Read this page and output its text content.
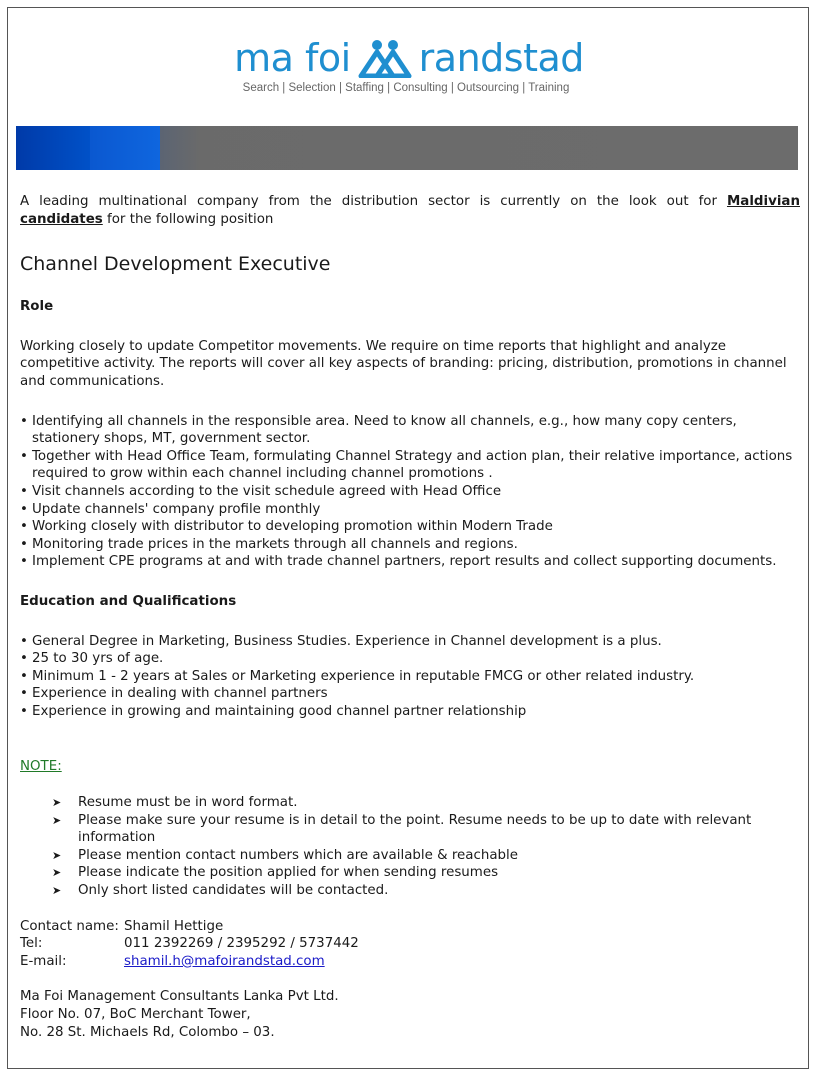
ma foi randstad
Search | Selection | Staffing | Consulting | Outsourcing | Training

A leading multinational company from the distribution sector is currently on the look out for Maldivian candidates for the following position

Channel Development Executive

Role

Working closely to update Competitor movements. We require on time reports that highlight and analyze competitive activity. The reports will cover all key aspects of branding: pricing, distribution, promotions in channel and communications.

• Identifying all channels in the responsible area. Need to know all channels, e.g., how many copy centers, stationery shops, MT, government sector.
• Together with Head Office Team, formulating Channel Strategy and action plan, their relative importance, actions required to grow within each channel including channel promotions .
• Visit channels according to the visit schedule agreed with Head Office
• Update channels' company profile monthly
• Working closely with distributor to developing promotion within Modern Trade
• Monitoring trade prices in the markets through all channels and regions.
• Implement CPE programs at and with trade channel partners, report results and collect supporting documents.

Education and Qualifications

• General Degree in Marketing, Business Studies. Experience in Channel development is a plus.
• 25 to 30 yrs of age.
• Minimum 1 - 2 years at Sales or Marketing experience in reputable FMCG or other related industry.
• Experience in dealing with channel partners
• Experience in growing and maintaining good channel partner relationship

NOTE:

➤ Resume must be in word format.
➤ Please make sure your resume is in detail to the point. Resume needs to be up to date with relevant information
➤ Please mention contact numbers which are available & reachable
➤ Please indicate the position applied for when sending resumes
➤ Only short listed candidates will be contacted.
Contact name: Shamil Hettige
Tel:	011 2392269 / 2395292 / 5737442
E-mail:	shamil.h@mafoirandstad.com

Ma Foi Management Consultants Lanka Pvt Ltd.

Floor No. 07, BoC Merchant Tower,

No. 28 St. Michaels Rd, Colombo – 03.
